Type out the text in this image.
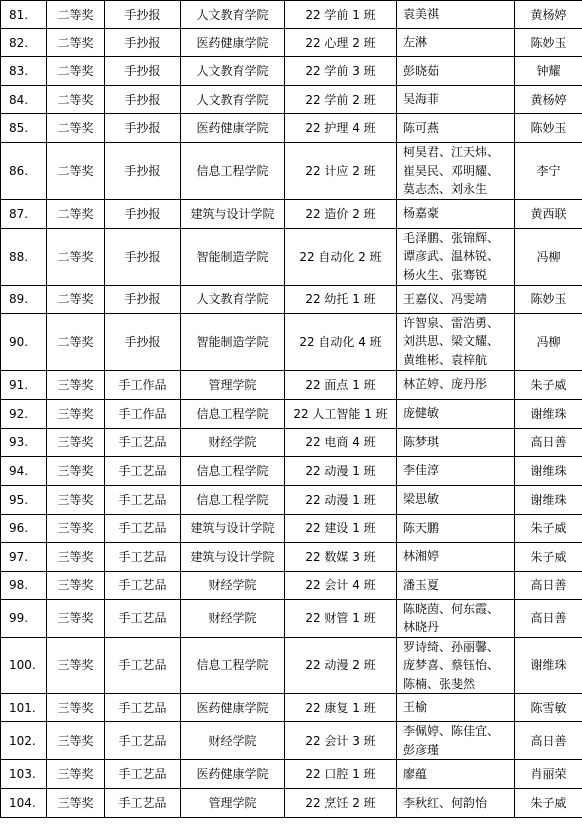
81.	二等奖	手抄报	人文教育学院	22 学前 1 班	袁美祺	黄杨婷
82.	二等奖	手抄报	医药健康学院	22 心理 2 班	左淋	陈妙玉
83.	二等奖	手抄报	人文教育学院	22 学前 3 班	彭晓茹	钟耀
84.	二等奖	手抄报	人文教育学院	22 学前 2 班	吴海菲	黄杨婷
85.	二等奖	手抄报	医药健康学院	22 护理 4 班	陈可燕	陈妙玉
86.	二等奖	手抄报	信息工程学院	22 计应 2 班	柯昊君、江天炜、
崔昊民、邓明耀、
莫志杰、刘永生	李宁
87.	二等奖	手抄报	建筑与设计学院	22 造价 2 班	杨嘉豪	黄西联
88.	二等奖	手抄报	智能制造学院	22 自动化 2 班	毛泽鹏、张锦辉、
谭彦武、温林锐、
杨火生、张骞锐	冯柳
89.	二等奖	手抄报	人文教育学院	22 幼托 1 班	王嘉仪、冯雯靖	陈妙玉
90.	二等奖	手抄报	智能制造学院	22 自动化 4 班	许智泉、雷浩勇、
刘洪思、梁文耀、
黄维彬、袁梓航	冯柳
91.	三等奖	手工作品	管理学院	22 面点 1 班	林芷婷、庞丹彤	朱子威
92.	三等奖	手工作品	信息工程学院	22 人工智能 1 班	庞健敏	谢维珠
93.	三等奖	手工艺品	财经学院	22 电商 4 班	陈梦琪	高日善
94.	三等奖	手工艺品	信息工程学院	22 动漫 1 班	李佳淳	谢维珠
95.	三等奖	手工艺品	信息工程学院	22 动漫 1 班	梁思敏	谢维珠
96.	三等奖	手工艺品	建筑与设计学院	22 建设 1 班	陈天鹏	朱子威
97.	三等奖	手工艺品	建筑与设计学院	22 数媒 3 班	林湘婷	朱子威
98.	三等奖	手工艺品	财经学院	22 会计 4 班	潘玉夏	高日善
99.	三等奖	手工艺品	财经学院	22 财管 1 班	陈晓茵、何东霞、
林晓丹	高日善
100.	三等奖	手工艺品	信息工程学院	22 动漫 2 班	罗诗绮、孙丽馨、
庞梦喜、蔡钰怡、
陈楠、张斐然	谢维珠
101.	三等奖	手工艺品	医药健康学院	22 康复 1 班	王榆	陈雪敏
102.	三等奖	手工艺品	财经学院	22 会计 3 班	李佩婷、陈佳宜、
彭彦瑾	高日善
103.	三等奖	手工艺品	医药健康学院	22 口腔 1 班	廖蕴	肖丽荣
104.	三等奖	手工艺品	管理学院	22 烹饪 2 班	李秋红、何韵怡	朱子威
